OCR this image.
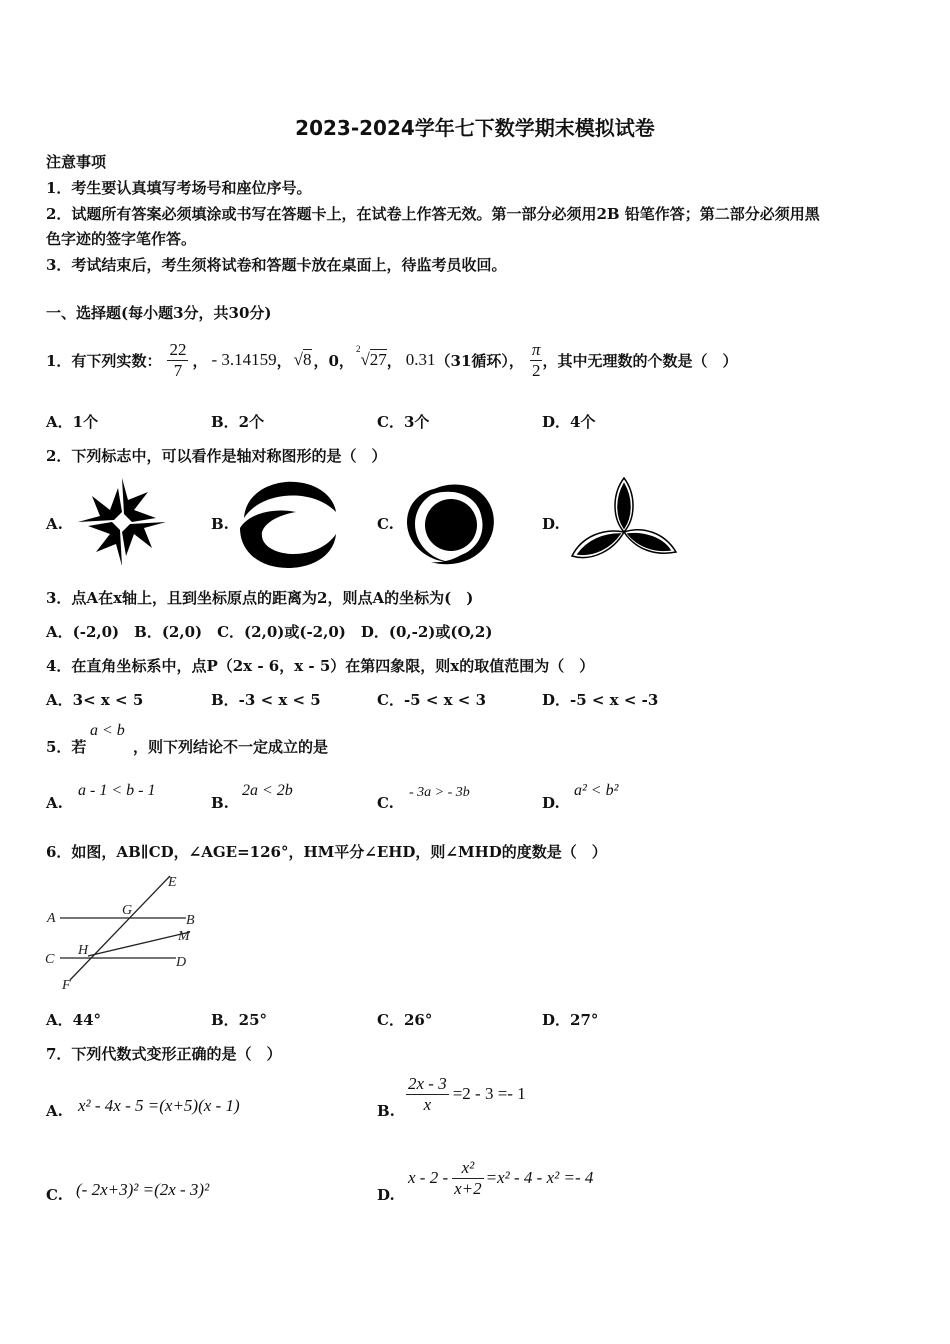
2023-2024学年七下数学期末模拟试卷
注意事项
1．考生要认真填写考场号和座位序号。
2．试题所有答案必须填涂或书写在答题卡上，在试卷上作答无效。第一部分必须用2B 铅笔作答；第二部分必须用黑
色字迹的签字笔作答。
3．考试结束后，考生须将试卷和答题卡放在桌面上，待监考员收回。
一、选择题(每小题3分，共30分)
1．有下列实数： $\frac{22}{7}$ ， - 3.14159 ， √8 ，0，
$^2$√27 ， 0.31 （31循环）， $\frac{\pi}{2}$ ，其中无理数的个数是（　）
A．1个	B．2个	C．3个	D．4个
2．下列标志中，可以看作是轴对称图形的是（　）
A.	B.	C.	D.
3．点A在x轴上，且到坐标原点的距离为2，则点A的坐标为(　)
A．(-2,0)　B．(2,0)　C．(2,0)或(-2,0)　D．(0,-2)或(O,2)
4．在直角坐标系中，点P（2x - 6，x - 5）在第四象限，则x的取值范围为（　）
A．3< x < 5	B．-3 < x < 5	C．-5 < x < 3	D．-5 < x < -3
5．若
a < b
，则下列结论不一定成立的是
A.
a - 1 < b - 1
B.
2a < 2b
C.
- 3a > - 3b
D.
a² < b²
6．如图，AB∥CD，∠AGE=126°，HM平分∠EHD，则∠MHD的度数是（　）
A	B
C	D
E
F
G
H
M
A．44°	B．25°	C．26°	D．27°
7．下列代数式变形正确的是（　）
A. x² - 4x - 5 =(x+5)(x - 1)	B. $\frac{2x - 3}{x} =2 - 3 =- 1$
C. (- 2x+3)² =(2x - 3)²	D.
$x - 2 - \frac{\text{x²}}{x+2} =x^2 - 4 - x^2 =- 4$
